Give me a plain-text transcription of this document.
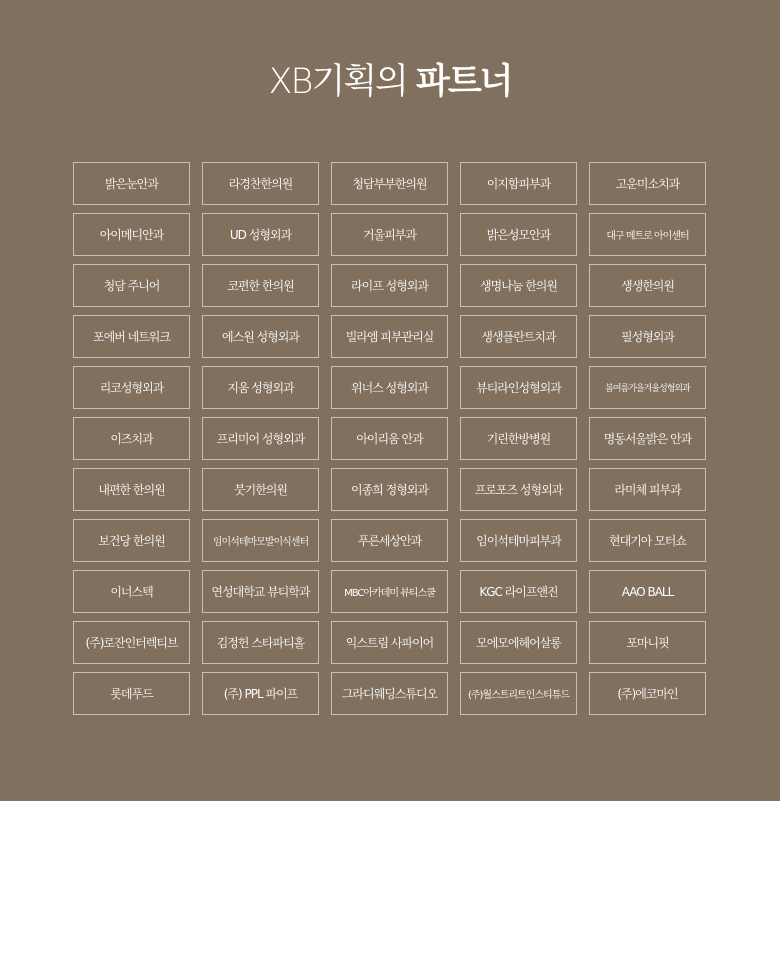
XB기획의 파트너
밝은눈안과	라경찬한의원	청담부부한의원	이지함피부과	고운미소치과
아이메디안과	UD 성형외과	거울피부과	밝은성모안과	대구 메트로 아이센터
청담 주니어	코편한 한의원	라이프 성형외과	생명나눔 한의원	생생한의원
포에버 네트워크	에스원 성형외과	빌라엠 피부관리실	생생플란트치과	필성형외과
리코성형외과	지움 성형외과	위너스 성형외과	뷰티라인성형외과	봄여름가을겨울성형외과
이즈치과	프리미어 성형외과	아이리움 안과	기린한방병원	명동서울밝은 안과
내편한 한의원	붓기한의원	이종희 정형외과	프로포즈 성형외과	라미체 피부과
보건당 한의원	임이석테마모발이식센터	푸른세상안과	임이석테마피부과	현대기아 모터쇼
이너스텍	연성대학교 뷰티학과	MBC아카데미 뷰티스쿨	KGC 라이프앤진	AAO BALL
(주)로잔인터렉티브	김정헌 스타파티홀	익스트림 사파이어	모에모에헤어살롱	포마니핏
롯데푸드	(주) PPL 파이프	그라디웨딩스튜디오	(주)월스트리트인스티튜드	(주)에코마인
